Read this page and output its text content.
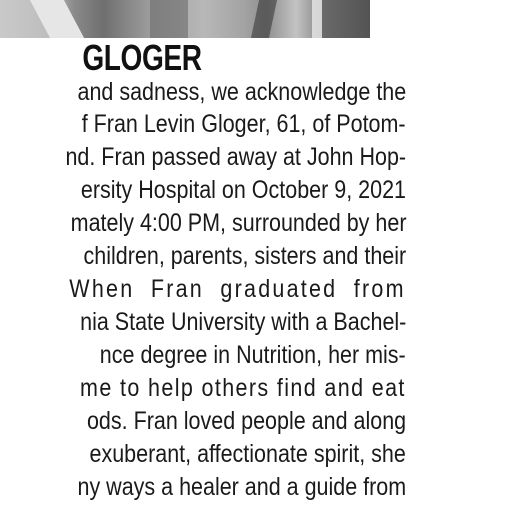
GLOGER
and sadness, we acknowledge the
f Fran Levin Gloger, 61, of Potom-
nd. Fran passed away at John Hop-
ersity Hospital on October 9, 2021
mately 4:00 PM, surrounded by her
children, parents, sisters and their
When  Fran  graduated  from
nia State University with a Bachel-
nce degree in Nutrition, her mis-
me to help others find and eat
ods. Fran loved people and along
exuberant, affectionate spirit, she
ny ways a healer and a guide from
